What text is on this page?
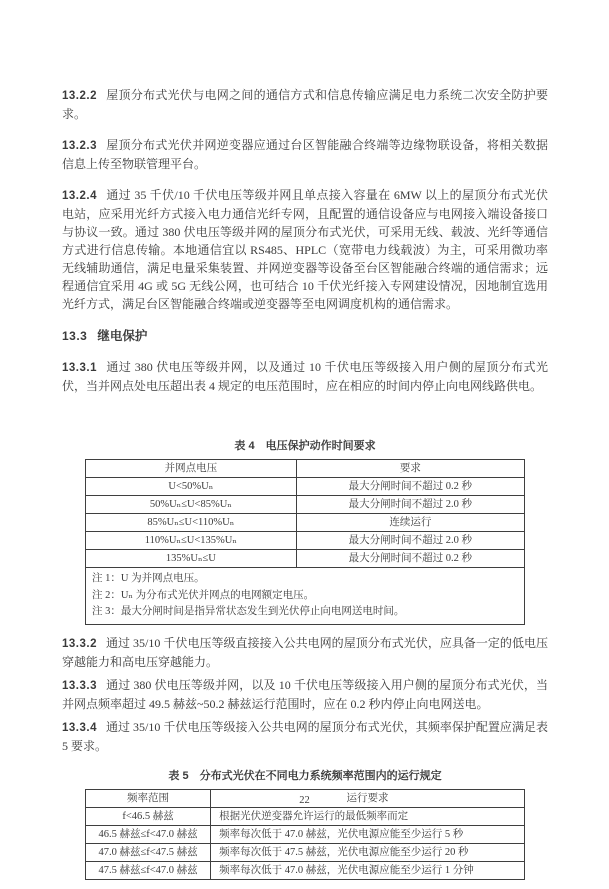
13.2.2 屋顶分布式光伏与电网之间的通信方式和信息传输应满足电力系统二次安全防护要求。

13.2.3 屋顶分布式光伏并网逆变器应通过台区智能融合终端等边缘物联设备，将相关数据信息上传至物联管理平台。

13.2.4 通过 35 千伏/10 千伏电压等级并网且单点接入容量在 6MW 以上的屋顶分布式光伏电站，应采用光纤方式接入电力通信光纤专网，且配置的通信设备应与电网接入端设备接口与协议一致。通过 380 伏电压等级并网的屋顶分布式光伏，可采用无线、载波、光纤等通信方式进行信息传输。本地通信宜以 RS485、HPLC（宽带电力线载波）为主，可采用微功率无线辅助通信，满足电量采集装置、并网逆变器等设备至台区智能融合终端的通信需求；远程通信宜采用 4G 或 5G 无线公网，也可结合 10 千伏光纤接入专网建设情况，因地制宜选用光纤方式，满足台区智能融合终端或逆变器等至电网调度机构的通信需求。

13.3 继电保护

13.3.1 通过 380 伏电压等级并网，以及通过 10 千伏电压等级接入用户侧的屋顶分布式光伏，当并网点处电压超出表 4 规定的电压范围时，应在相应的时间内停止向电网线路供电。

表 4　电压保护动作时间要求
并网点电压	要求
U<50%Uₙ	最大分闸时间不超过 0.2 秒
50%Uₙ≤U<85%Uₙ	最大分闸时间不超过 2.0 秒
85%Uₙ≤U<110%Uₙ	连续运行
110%Uₙ≤U<135%Uₙ	最大分闸时间不超过 2.0 秒
135%Uₙ≤U	最大分闸时间不超过 0.2 秒

注 1：U 为并网点电压。
注 2：Uₙ 为分布式光伏并网点的电网额定电压。
注 3：最大分闸时间是指异常状态发生到光伏停止向电网送电时间。	

13.3.2 通过 35/10 千伏电压等级直接接入公共电网的屋顶分布式光伏，应具备一定的低电压穿越能力和高电压穿越能力。

13.3.3 通过 380 伏电压等级并网，以及 10 千伏电压等级接入用户侧的屋顶分布式光伏，当并网点频率超过 49.5 赫兹~50.2 赫兹运行范围时，应在 0.2 秒内停止向电网送电。

13.3.4 通过 35/10 千伏电压等级接入公共电网的屋顶分布式光伏，其频率保护配置应满足表 5 要求。

表 5　分布式光伏在不同电力系统频率范围内的运行规定
频率范围	运行要求
f<46.5 赫兹	根据光伏逆变器允许运行的最低频率而定
46.5 赫兹≤f<47.0 赫兹	频率每次低于 47.0 赫兹，光伏电源应能至少运行 5 秒
47.0 赫兹≤f<47.5 赫兹	频率每次低于 47.5 赫兹，光伏电源应能至少运行 20 秒
47.5 赫兹≤f<47.0 赫兹	频率每次低于 47.0 赫兹，光伏电源应能至少运行 1 分钟
22
